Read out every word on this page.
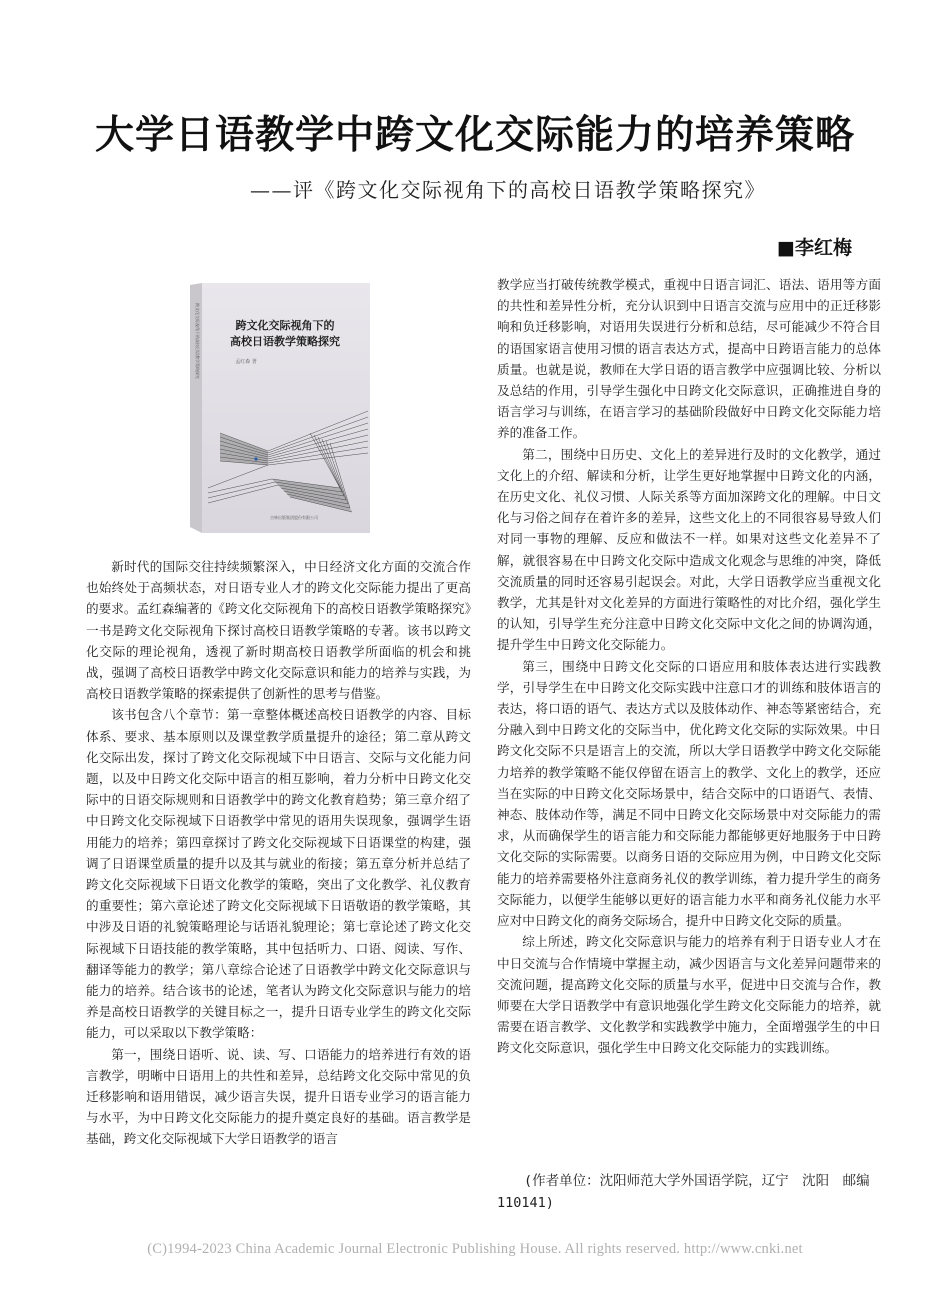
大学日语教学中跨文化交际能力的培养策略
——评《跨文化交际视角下的高校日语教学策略探究》
■李红梅
跨文化交际视角下的
高校日语教学策略探究
孟红森 著
吉林出版集团股份有限公司
跨文化交际视角下的高校日语教学策略探究

新时代的国际交往持续频繁深入，中日经济文化方面的交流合作也始终处于高频状态，对日语专业人才的跨文化交际能力提出了更高的要求。孟红森编著的《跨文化交际视角下的高校日语教学策略探究》一书是跨文化交际视角下探讨高校日语教学策略的专著。该书以跨文化交际的理论视角，透视了新时期高校日语教学所面临的机会和挑战，强调了高校日语教学中跨文化交际意识和能力的培养与实践，为高校日语教学策略的探索提供了创新性的思考与借鉴。

该书包含八个章节：第一章整体概述高校日语教学的内容、目标体系、要求、基本原则以及课堂教学质量提升的途径；第二章从跨文化交际出发，探讨了跨文化交际视域下中日语言、交际与文化能力问题，以及中日跨文化交际中语言的相互影响，着力分析中日跨文化交际中的日语交际规则和日语教学中的跨文化教育趋势；第三章介绍了中日跨文化交际视域下日语教学中常见的语用失误现象，强调学生语用能力的培养；第四章探讨了跨文化交际视域下日语课堂的构建，强调了日语课堂质量的提升以及其与就业的衔接；第五章分析并总结了跨文化交际视域下日语文化教学的策略，突出了文化教学、礼仪教育的重要性；第六章论述了跨文化交际视域下日语敬语的教学策略，其中涉及日语的礼貌策略理论与话语礼貌理论；第七章论述了跨文化交际视域下日语技能的教学策略，其中包括听力、口语、阅读、写作、翻译等能力的教学；第八章综合论述了日语教学中跨文化交际意识与能力的培养。结合该书的论述，笔者认为跨文化交际意识与能力的培养是高校日语教学的关键目标之一，提升日语专业学生的跨文化交际能力，可以采取以下教学策略：

第一，围绕日语听、说、读、写、口语能力的培养进行有效的语言教学，明晰中日语用上的共性和差异，总结跨文化交际中常见的负迁移影响和语用错误，减少语言失误，提升日语专业学习的语言能力与水平，为中日跨文化交际能力的提升奠定良好的基础。语言教学是基础，跨文化交际视域下大学日语教学的语言

教学应当打破传统教学模式，重视中日语言词汇、语法、语用等方面的共性和差异性分析，充分认识到中日语言交流与应用中的正迁移影响和负迁移影响，对语用失误进行分析和总结，尽可能减少不符合目的语国家语言使用习惯的语言表达方式，提高中日跨语言能力的总体质量。也就是说，教师在大学日语的语言教学中应强调比较、分析以及总结的作用，引导学生强化中日跨文化交际意识，正确推进自身的语言学习与训练，在语言学习的基础阶段做好中日跨文化交际能力培养的准备工作。

第二，围绕中日历史、文化上的差异进行及时的文化教学，通过文化上的介绍、解读和分析，让学生更好地掌握中日跨文化的内涵，在历史文化、礼仪习惯、人际关系等方面加深跨文化的理解。中日文化与习俗之间存在着许多的差异，这些文化上的不同很容易导致人们对同一事物的理解、反应和做法不一样。如果对这些文化差异不了解，就很容易在中日跨文化交际中造成文化观念与思维的冲突，降低交流质量的同时还容易引起误会。对此，大学日语教学应当重视文化教学，尤其是针对文化差异的方面进行策略性的对比介绍，强化学生的认知，引导学生充分注意中日跨文化交际中文化之间的协调沟通，提升学生中日跨文化交际能力。

第三，围绕中日跨文化交际的口语应用和肢体表达进行实践教学，引导学生在中日跨文化交际实践中注意口才的训练和肢体语言的表达，将口语的语气、表达方式以及肢体动作、神态等紧密结合，充分融入到中日跨文化的交际当中，优化跨文化交际的实际效果。中日跨文化交际不只是语言上的交流，所以大学日语教学中跨文化交际能力培养的教学策略不能仅停留在语言上的教学、文化上的教学，还应当在实际的中日跨文化交际场景中，结合交际中的口语语气、表情、神态、肢体动作等，满足不同中日跨文化交际场景中对交际能力的需求，从而确保学生的语言能力和交际能力都能够更好地服务于中日跨文化交际的实际需要。以商务日语的交际应用为例，中日跨文化交际能力的培养需要格外注意商务礼仪的教学训练，着力提升学生的商务交际能力，以便学生能够以更好的语言能力水平和商务礼仪能力水平应对中日跨文化的商务交际场合，提升中日跨文化交际的质量。

综上所述，跨文化交际意识与能力的培养有利于日语专业人才在中日交流与合作情境中掌握主动，减少因语言与文化差异问题带来的交流问题，提高跨文化交际的质量与水平，促进中日交流与合作，教师要在大学日语教学中有意识地强化学生跨文化交际能力的培养，就需要在语言教学、文化教学和实践教学中施力，全面增强学生的中日跨文化交际意识，强化学生中日跨文化交际能力的实践训练。

(作者单位：沈阳师范大学外国语学院，辽宁　沈阳　邮编　110141)
(C)1994-2023 China Academic Journal Electronic Publishing House. All rights reserved. http://www.cnki.net
